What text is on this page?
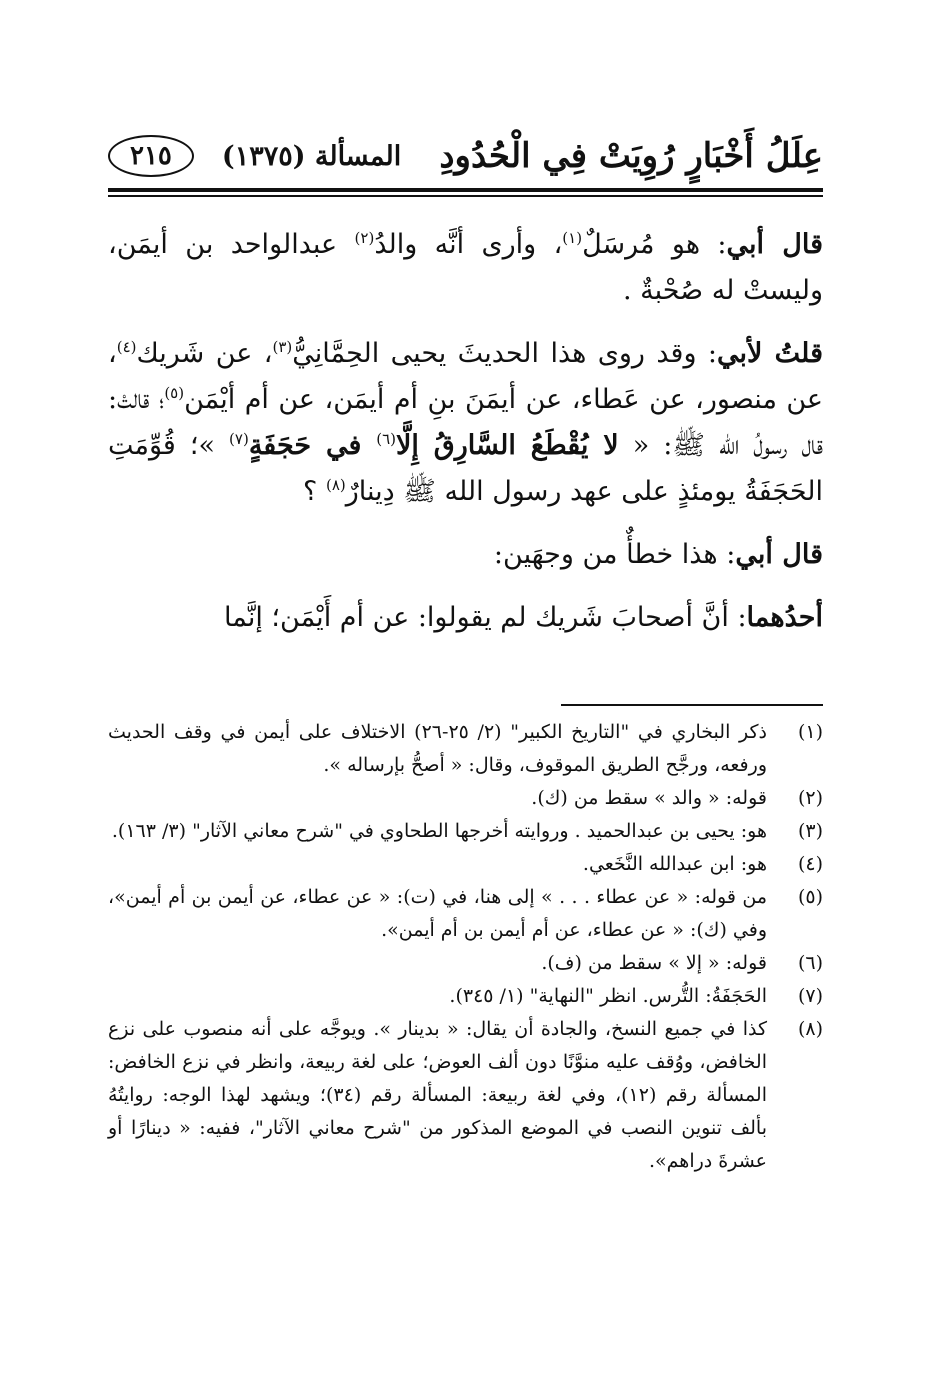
عِلَلُ أَخْبَارٍ رُوِيَتْ فِي الْحُدُودِ
المسألة (١٣٧٥)
٢١٥

قال أبي: هو مُرسَلٌ$^{(١)}$، وأرى أنَّه والدُ$^{(٢)}$ عبدالواحد بن أيمَن، وليستْ له صُحْبةٌ .

قلتُ لأبي: وقد روى هذا الحديثَ يحيى الحِمَّانِيُّ$^{(٣)}$، عن شَريك$^{(٤)}$، عن منصور، عن عَطاء، عن أيمَنَ بنِ أم أيمَن، عن أم أيْمَن$^{(٥)}$؛ قالتْ: قال رسولُ الله ﷺ: « لا يُقْطَعُ السَّارِقُ إِلَّا$^{(٦)}$ في حَجَفَةٍ$^{(٧)}$ »؛ قُوِّمَتِ الحَجَفَةُ يومئذٍ على عهد رسول الله ﷺ دِينارٌ$^{(٨)}$ ؟

قال أبي: هذا خطأٌ من وجهَين:

أحدُهما: أنَّ أصحابَ شَريك لم يقولوا: عن أم أَيْمَن؛ إنَّما

(١)
ذكر البخاري في "التاريخ الكبير" (٢/ ٢٥-٢٦) الاختلاف على أيمن في وقف الحديث ورفعه، ورجَّح الطريق الموقوف، وقال: « أصحُّ بإرساله ».
(٢)
قوله: « والد » سقط من (ك).
(٣)
هو: يحيى بن عبدالحميد . وروايته أخرجها الطحاوي في "شرح معاني الآثار" (٣/ ١٦٣).
(٤)
هو: ابن عبدالله النَّخَعي.
(٥)
من قوله: « عن عطاء . . . » إلى هنا، في (ت): « عن عطاء، عن أيمن بن أم أيمن»، وفي (ك): « عن عطاء، عن أم أيمن بن أم أيمن».
(٦)
قوله: « إلا » سقط من (ف).
(٧)
الحَجَفَةُ: التُّرس. انظر "النهاية" (١/ ٣٤٥).
(٨)
كذا في جميع النسخ، والجادة أن يقال: « بدينار ». ويوجَّه على أنه منصوب على نزع الخافض، ووُقف عليه منوَّنًا دون ألف العوض؛ على لغة ربيعة، وانظر في نزع الخافض: المسألة رقم (١٢)، وفي لغة ربيعة: المسألة رقم (٣٤)؛ ويشهد لهذا الوجه: روايتُهُ بألف تنوين النصب في الموضع المذكور من "شرح معاني الآثار"، ففيه: « دينارًا أو عشرةَ دراهم».
